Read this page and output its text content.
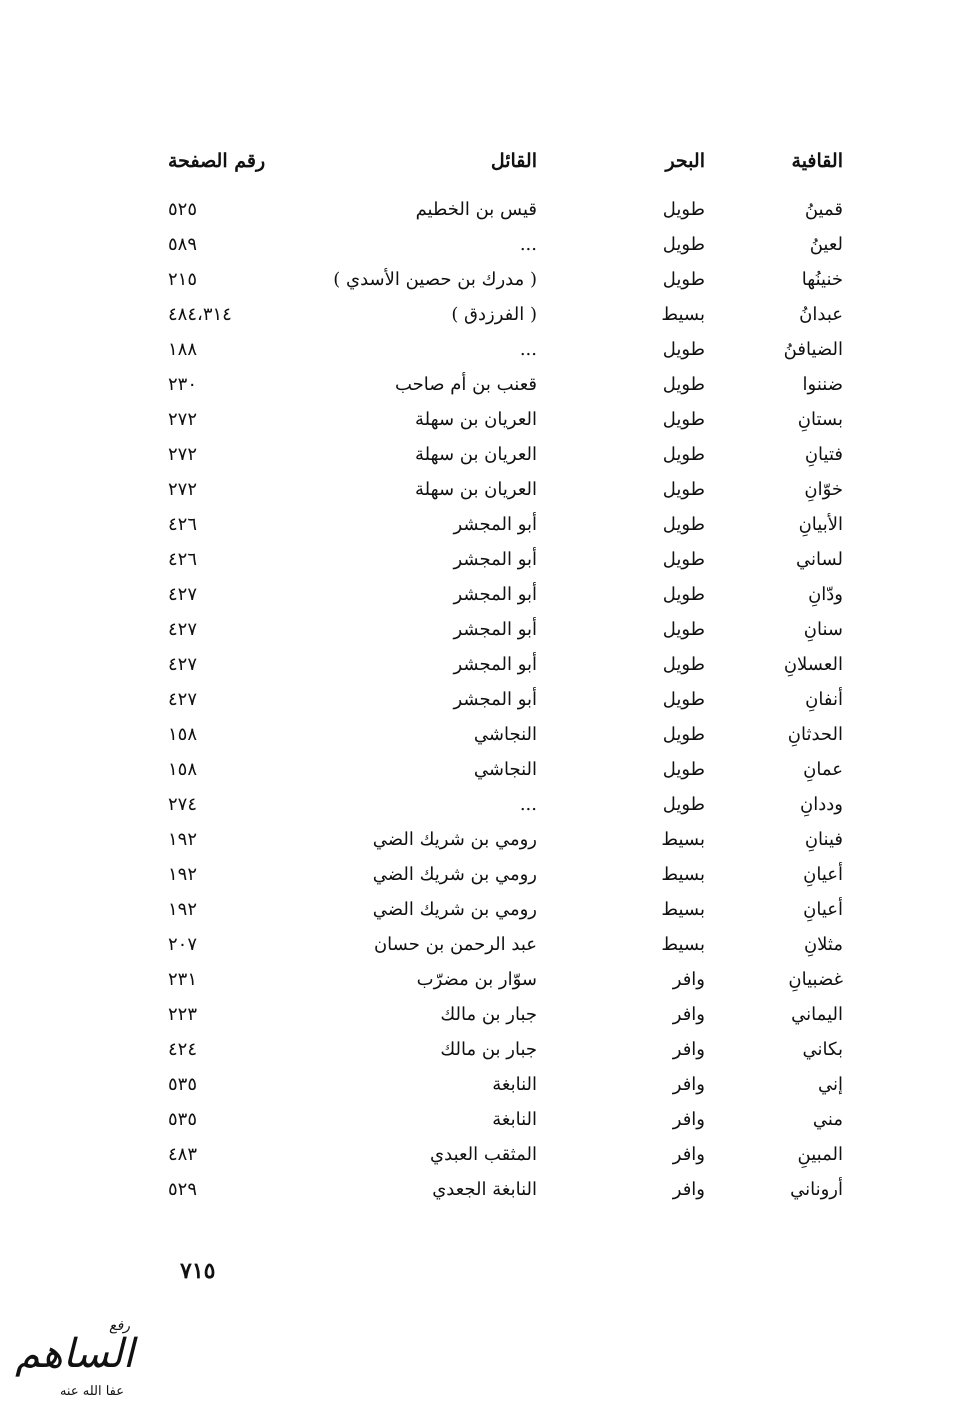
القافية	البحر	القائل	رقم الصفحة
قمينُ	طويل	قيس بن الخطيم	٥٢٥
لعينُ	طويل	...	٥٨٩
خنينُها	طويل	( مدرك بن حصين الأسدي )	٢١٥
عبدانُ	بسيط	( الفرزدق )	٤٨٤،٣١٤
الضيافنُ	طويل	...	١٨٨
ضننوا	طويل	قعنب بن أم صاحب	٢٣٠
بستانِ	طويل	العريان بن سهلة	٢٧٢
فتيانِ	طويل	العريان بن سهلة	٢٧٢
خوّانِ	طويل	العريان بن سهلة	٢٧٢
الأبيانِ	طويل	أبو المجشر	٤٢٦
لساني	طويل	أبو المجشر	٤٢٦
ودّانِ	طويل	أبو المجشر	٤٢٧
سنانِ	طويل	أبو المجشر	٤٢٧
العسلانِ	طويل	أبو المجشر	٤٢٧
أنفانِ	طويل	أبو المجشر	٤٢٧
الحدثانِ	طويل	النجاشي	١٥٨
عمانِ	طويل	النجاشي	١٥٨
وددانِ	طويل	...	٢٧٤
فينانِ	بسيط	رومي بن شريك الضي	١٩٢
أعيانِ	بسيط	رومي بن شريك الضي	١٩٢
أعيانِ	بسيط	رومي بن شريك الضي	١٩٢
مثلانِ	بسيط	عبد الرحمن بن حسان	٢٠٧
غضبيانِ	وافر	سوّار بن مضرّب	٢٣١
اليماني	وافر	جبار بن مالك	٢٢٣
بكاني	وافر	جبار بن مالك	٤٢٤
إني	وافر	النابغة	٥٣٥
مني	وافر	النابغة	٥٣٥
المبينِ	وافر	المثقب العبدي	٤٨٣
أروناني	وافر	النابغة الجعدي	٥٢٩
٧١٥
رفع
الساهم
عفا الله عنه
